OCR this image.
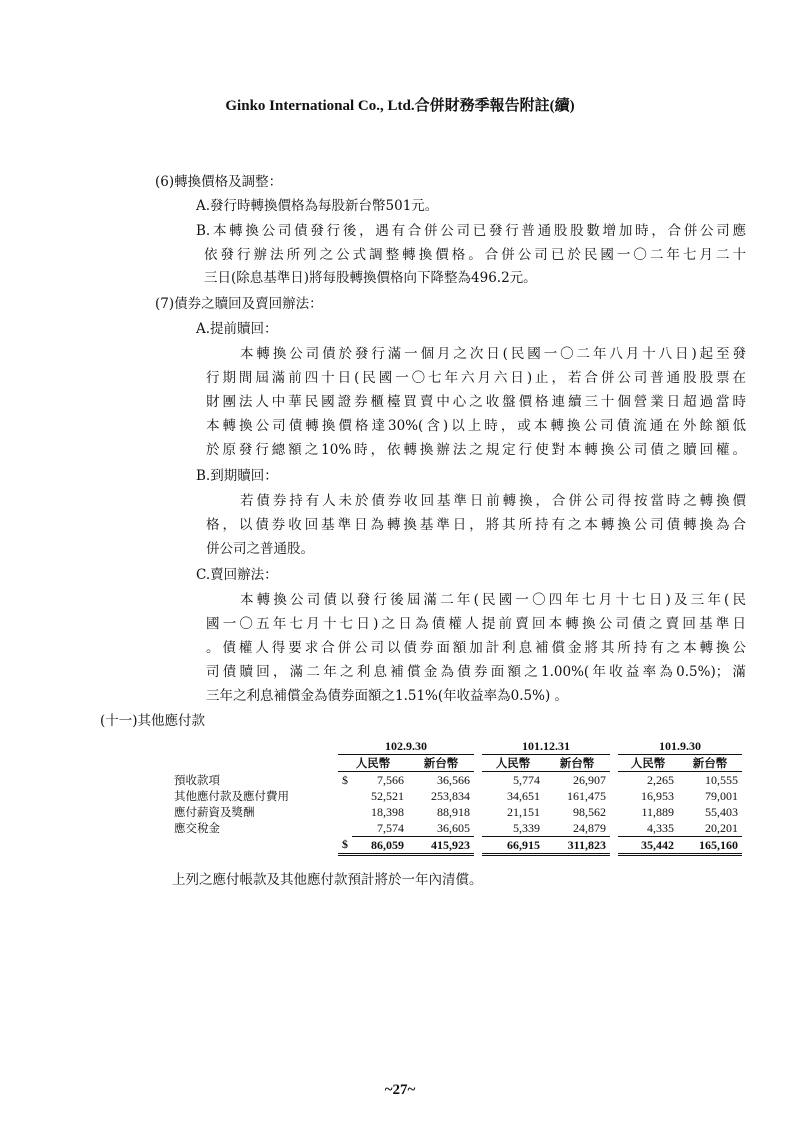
Ginko International Co., Ltd.合併財務季報告附註(續)
(6)轉換價格及調整：
A.發行時轉換價格為每股新台幣501元。
B.本轉換公司債發行後，遇有合併公司已發行普通股股數增加時，合併公司應
依發行辦法所列之公式調整轉換價格。合併公司已於民國一〇二年七月二十
三日(除息基準日)將每股轉換價格向下降整為496.2元。
(7)債券之贖回及賣回辦法：
A.提前贖回：
本轉換公司債於發行滿一個月之次日(民國一〇二年八月十八日)起至發
行期間屆滿前四十日(民國一〇七年六月六日)止，若合併公司普通股股票在
財團法人中華民國證券櫃檯買賣中心之收盤價格連續三十個營業日超過當時
本轉換公司債轉換價格達30%(含)以上時，或本轉換公司債流通在外餘額低
於原發行總額之10%時，依轉換辦法之規定行使對本轉換公司債之贖回權。
B.到期贖回：
若債券持有人未於債券收回基準日前轉換，合併公司得按當時之轉換價
格，以債券收回基準日為轉換基準日，將其所持有之本轉換公司債轉換為合
併公司之普通股。
C.賣回辦法：
本轉換公司債以發行後屆滿二年(民國一〇四年七月十七日)及三年(民
國一〇五年七月十七日)之日為債權人提前賣回本轉換公司債之賣回基準日
。債權人得要求合併公司以債券面額加計利息補償金將其所持有之本轉換公
司債贖回，滿二年之利息補償金為債券面額之1.00%(年收益率為0.5%)；滿
三年之利息補償金為債券面額之1.51%(年收益率為0.5%) 。
(十一)其他應付款
	102.9.30				101.12.31			101.9.30	
	人民幣		新台幣		人民幣	新台幣		人民幣	新台幣
預收款項	$	7,566	36,566		5,774	26,907		2,265	10,555
其他應付款及應付費用		52,521	253,834		34,651	161,475		16,953	79,001
應付薪資及獎酬		18,398	88,918		21,151	98,562		11,889	55,403
應交稅金		7,574	36,605		5,339	24,879		4,335	20,201
	$	86,059	415,923		66,915	311,823		35,442	165,160
上列之應付帳款及其他應付款預計將於一年內清償。
~27~
